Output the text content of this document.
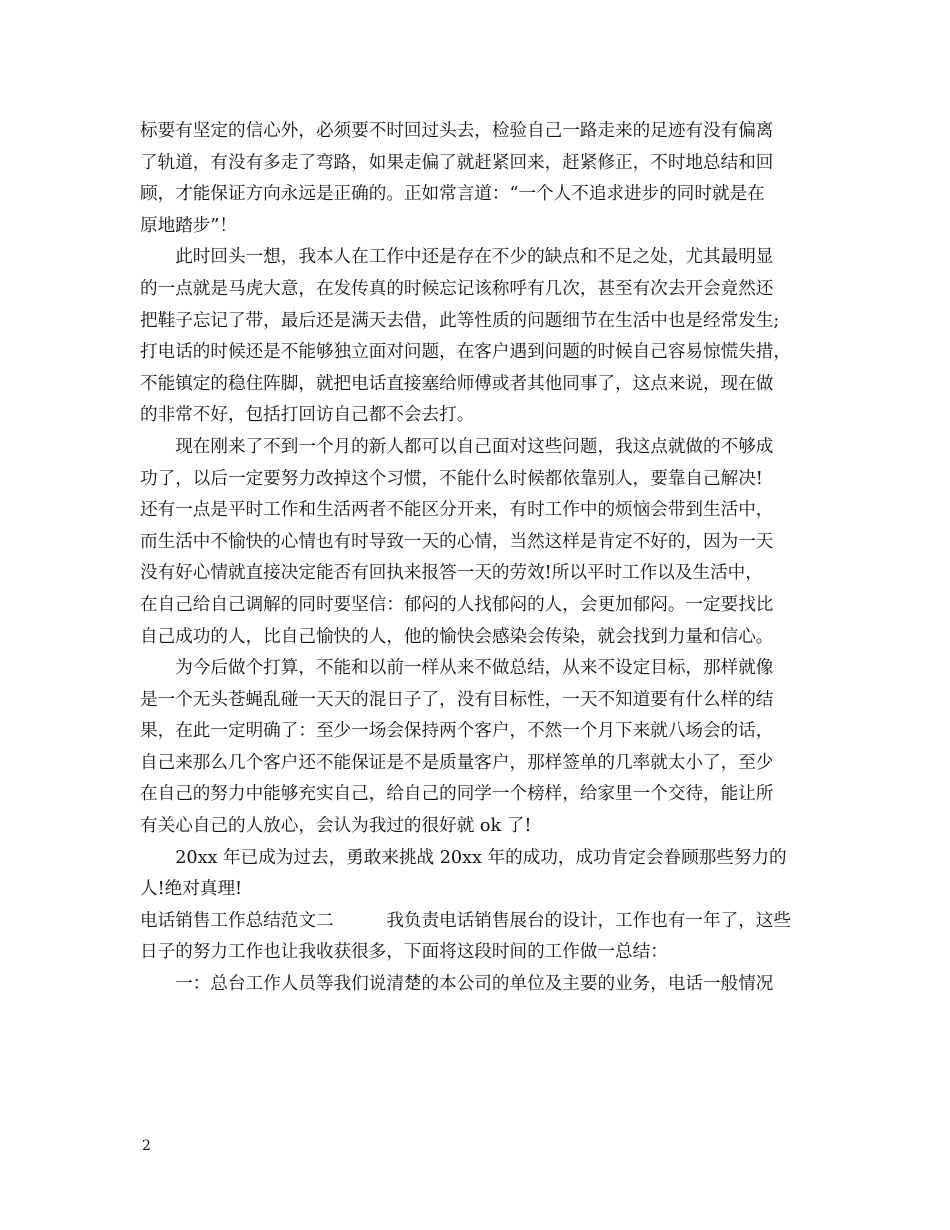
标要有坚定的信心外，必须要不时回过头去，检验自己一路走来的足迹有没有偏离
了轨道，有没有多走了弯路，如果走偏了就赶紧回来，赶紧修正，不时地总结和回
顾，才能保证方向永远是正确的。正如常言道：“一个人不追求进步的同时就是在
原地踏步”！
　　此时回头一想，我本人在工作中还是存在不少的缺点和不足之处，尤其最明显
的一点就是马虎大意，在发传真的时候忘记该称呼有几次，甚至有次去开会竟然还
把鞋子忘记了带，最后还是满天去借，此等性质的问题细节在生活中也是经常发生;
打电话的时候还是不能够独立面对问题，在客户遇到问题的时候自己容易惊慌失措，
不能镇定的稳住阵脚，就把电话直接塞给师傅或者其他同事了，这点来说，现在做
的非常不好，包括打回访自己都不会去打。
　　现在刚来了不到一个月的新人都可以自己面对这些问题，我这点就做的不够成
功了，以后一定要努力改掉这个习惯，不能什么时候都依靠别人，要靠自己解决!
还有一点是平时工作和生活两者不能区分开来，有时工作中的烦恼会带到生活中，
而生活中不愉快的心情也有时导致一天的心情，当然这样是肯定不好的，因为一天
没有好心情就直接决定能否有回执来报答一天的劳效!所以平时工作以及生活中，
在自己给自己调解的同时要坚信：郁闷的人找郁闷的人，会更加郁闷。一定要找比
自己成功的人，比自己愉快的人，他的愉快会感染会传染，就会找到力量和信心。
　　为今后做个打算，不能和以前一样从来不做总结，从来不设定目标，那样就像
是一个无头苍蝇乱碰一天天的混日子了，没有目标性，一天不知道要有什么样的结
果，在此一定明确了：至少一场会保持两个客户，不然一个月下来就八场会的话，
自己来那么几个客户还不能保证是不是质量客户，那样签单的几率就太小了，至少
在自己的努力中能够充实自己，给自己的同学一个榜样，给家里一个交待，能让所
有关心自己的人放心，会认为我过的很好就 ok 了!
　　20xx 年已成为过去，勇敢来挑战 20xx 年的成功，成功肯定会眷顾那些努力的
人!绝对真理!
电话销售工作总结范文二　　　我负责电话销售展台的设计，工作也有一年了，这些
日子的努力工作也让我收获很多，下面将这段时间的工作做一总结：
　　一：总台工作人员等我们说清楚的本公司的单位及主要的业务，电话一般情况
2
